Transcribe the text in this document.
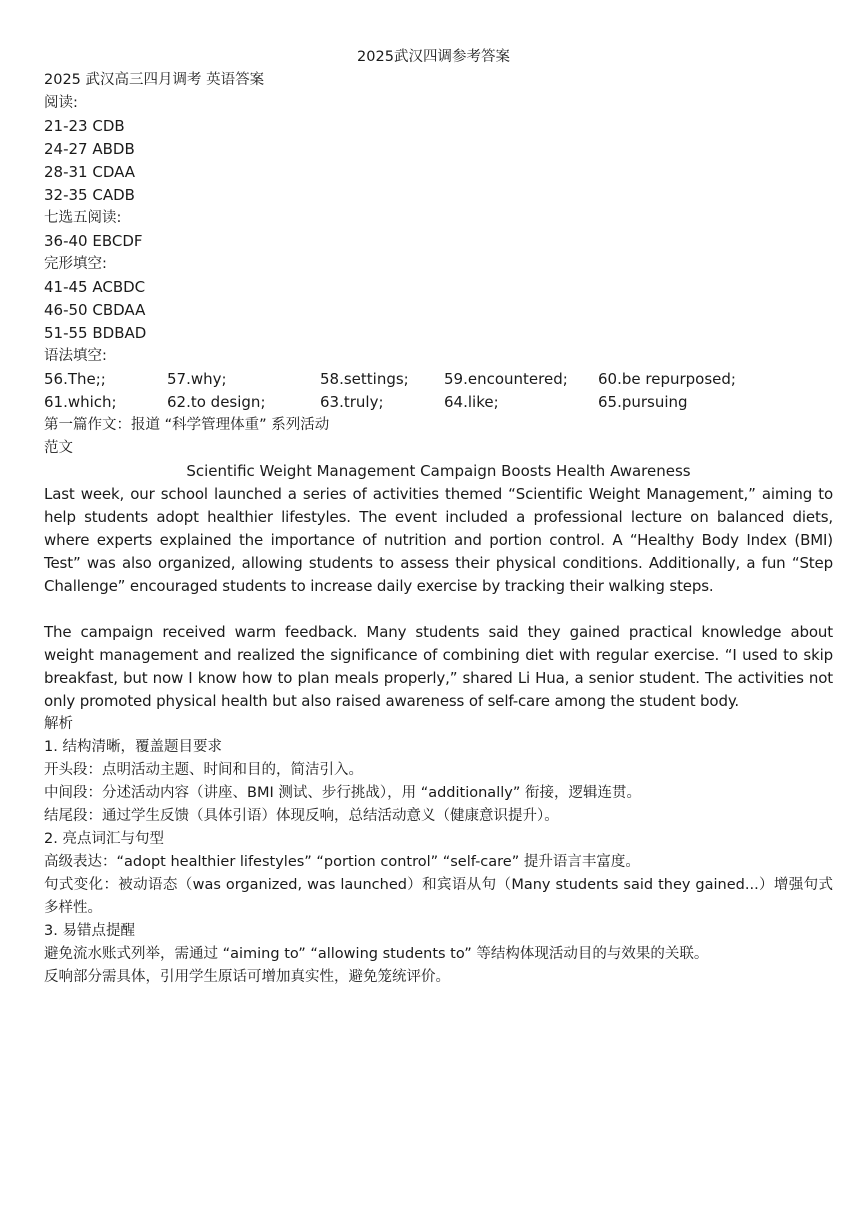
2025武汉四调参考答案
2025 武汉高三四月调考 英语答案
阅读:
21-23 CDB
24-27 ABDB
28-31 CDAA
32-35 CADB
七选五阅读:
36-40 EBCDF
完形填空:
41-45 ACBDC
46-50 CBDAA
51-55 BDBAD
语法填空:
56.The;;	57.why;	58.settings; 59.encountered; 60.be repurposed;
61.which;	62.to design;	63.truly;	64.like;	65.pursuing
第一篇作文：报道 “科学管理体重” 系列活动
范文
Scientific Weight Management Campaign Boosts Health Awareness
Last week, our school launched a series of activities themed “Scientific Weight Management,” aiming to help students adopt healthier lifestyles. The event included a professional lecture on balanced diets, where experts explained the importance of nutrition and portion control. A “Healthy Body Index (BMI) Test” was also organized, allowing students to assess their physical conditions. Additionally, a fun “Step Challenge” encouraged students to increase daily exercise by tracking their walking steps.
The campaign received warm feedback. Many students said they gained practical knowledge about weight management and realized the significance of combining diet with regular exercise. “I used to skip breakfast, but now I know how to plan meals properly,” shared Li Hua, a senior student. The activities not only promoted physical health but also raised awareness of self-care among the student body.
解析
1. 结构清晰，覆盖题目要求
开头段：点明活动主题、时间和目的，简洁引入。
中间段：分述活动内容（讲座、BMI 测试、步行挑战），用 “additionally” 衔接，逻辑连贯。
结尾段：通过学生反馈（具体引语）体现反响，总结活动意义（健康意识提升）。
2. 亮点词汇与句型
高级表达：“adopt healthier lifestyles” “portion control” “self-care” 提升语言丰富度。
句式变化：被动语态（was organized, was launched）和宾语从句（Many students said they gained...）增强句式多样性。
3. 易错点提醒
避免流水账式列举，需通过 “aiming to” “allowing students to” 等结构体现活动目的与效果的关联。
反响部分需具体，引用学生原话可增加真实性，避免笼统评价。
